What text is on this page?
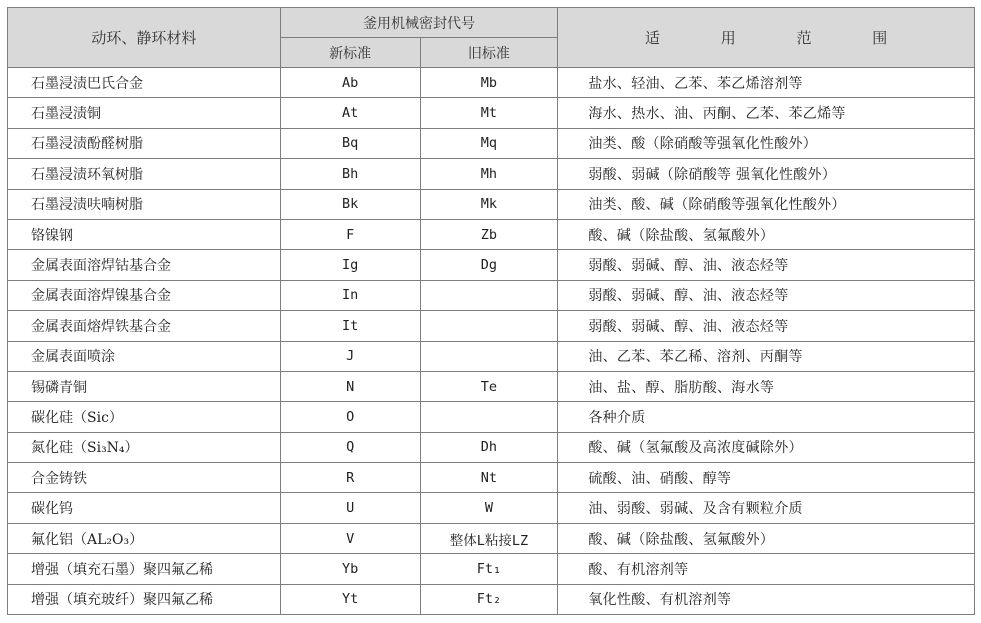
动环、静环材料	釜用机械密封代号		适 用 范 围
	新标准	旧标准	
石墨浸渍巴氏合金	Ab	Mb	盐水、轻油、乙苯、苯乙烯溶剂等
石墨浸渍铜	At	Mt	海水、热水、油、丙酮、乙苯、苯乙烯等
石墨浸渍酚醛树脂	Bq	Mq	油类、酸（除硝酸等强氧化性酸外）
石墨浸渍环氧树脂	Bh	Mh	弱酸、弱碱（除硝酸等 强氧化性酸外）
石墨浸渍呋喃树脂	Bk	Mk	油类、酸、碱（除硝酸等强氧化性酸外）
铬镍钢	F	Zb	酸、碱（除盐酸、氢氟酸外）
金属表面溶焊钴基合金	Ig	Dg	弱酸、弱碱、醇、油、液态烃等
金属表面溶焊镍基合金	In		弱酸、弱碱、醇、油、液态烃等
金属表面熔焊铁基合金	It		弱酸、弱碱、醇、油、液态烃等
金属表面喷涂	J		油、乙苯、苯乙稀、溶剂、丙酮等
锡磷青铜	N	Te	油、盐、醇、脂肪酸、海水等
碳化硅（Sic）	O		各种介质
氮化硅（Si₃N₄）	Q	Dh	酸、碱（氢氟酸及高浓度碱除外）
合金铸铁	R	Nt	硫酸、油、硝酸、醇等
碳化钨	U	W	油、弱酸、弱碱、及含有颗粒介质
氟化铝（AL₂O₃）	V	整体L粘接LZ	酸、碱（除盐酸、氢氟酸外）
增强（填充石墨）聚四氟乙稀	Yb	Ft₁	酸、有机溶剂等
增强（填充玻纤）聚四氟乙稀	Yt	Ft₂	氧化性酸、有机溶剂等
